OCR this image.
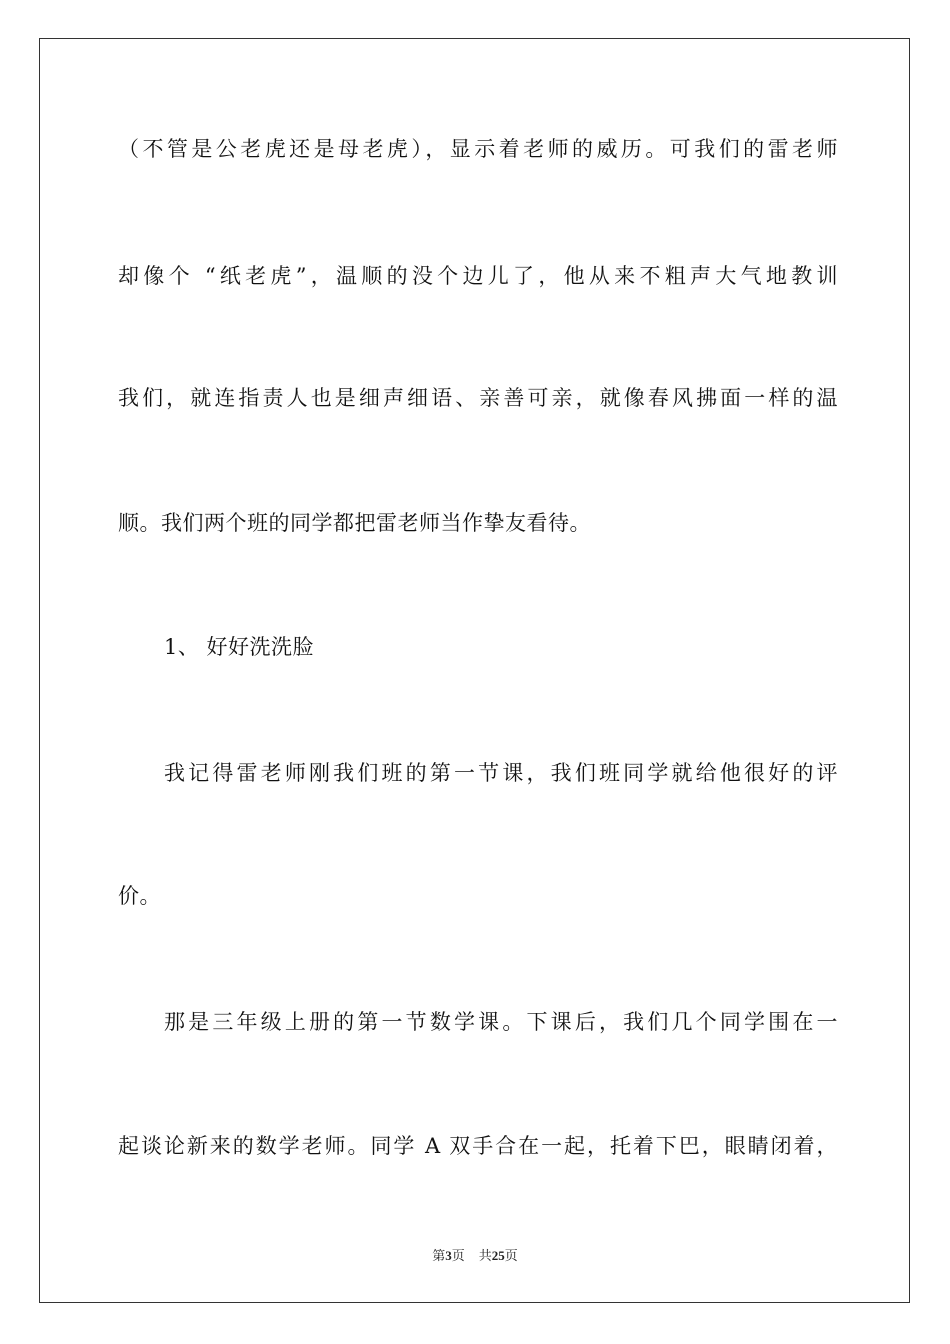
（不管是公老虎还是母老虎），显示着老师的威历。可我们的雷老师
却像个 “纸老虎”，温顺的没个边儿了，他从来不粗声大气地教训
我们，就连指责人也是细声细语、亲善可亲，就像春风拂面一样的温
顺。我们两个班的同学都把雷老师当作挚友看待。
1、 好好洗洗脸
我记得雷老师刚我们班的第一节课，我们班同学就给他很好的评
价。
那是三年级上册的第一节数学课。下课后，我们几个同学围在一
起谈论新来的数学老师。同学 A 双手合在一起，托着下巴，眼睛闭着，
第3页 共25页
